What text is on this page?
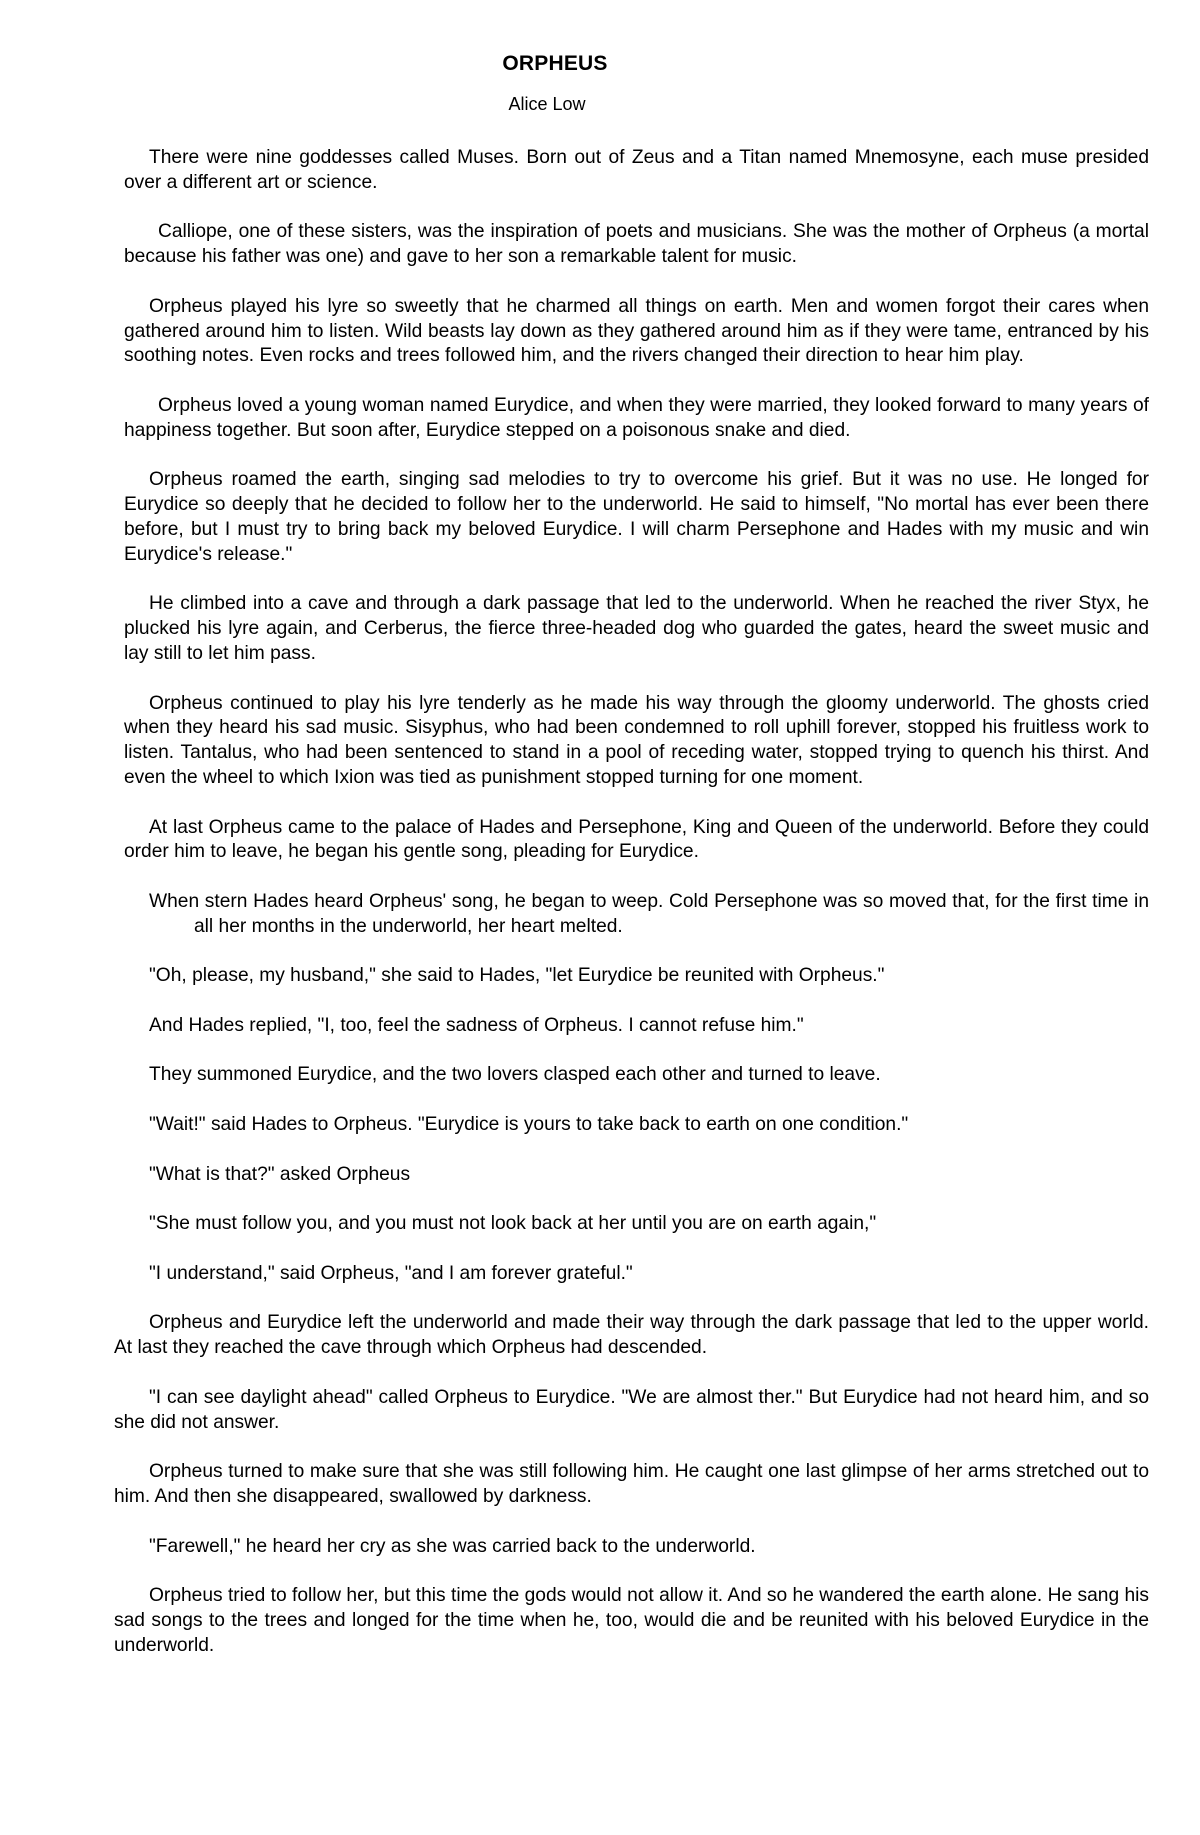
ORPHEUS
Alice Low

There were nine goddesses called Muses. Born out of Zeus and a Titan named Mnemosyne, each muse presided over a different art or science.

Calliope, one of these sisters, was the inspiration of poets and musicians. She was the mother of Orpheus (a mortal because his father was one) and gave to her son a remarkable talent for music.

Orpheus played his lyre so sweetly that he charmed all things on earth. Men and women forgot their cares when gathered around him to listen. Wild beasts lay down as they gathered around him as if they were tame, entranced by his soothing notes. Even rocks and trees followed him, and the rivers changed their direction to hear him play.

Orpheus loved a young woman named Eurydice, and when they were married, they looked forward to many years of happiness together. But soon after, Eurydice stepped on a poisonous snake and died.

Orpheus roamed the earth, singing sad melodies to try to overcome his grief. But it was no use. He longed for Eurydice so deeply that he decided to follow her to the underworld. He said to himself, "No mortal has ever been there before, but I must try to bring back my beloved Eurydice. I will charm Persephone and Hades with my music and win Eurydice's release."

He climbed into a cave and through a dark passage that led to the underworld. When he reached the river Styx, he plucked his lyre again, and Cerberus, the fierce three-headed dog who guarded the gates, heard the sweet music and lay still to let him pass.

Orpheus continued to play his lyre tenderly as he made his way through the gloomy underworld. The ghosts cried when they heard his sad music. Sisyphus, who had been condemned to roll uphill forever, stopped his fruitless work to listen. Tantalus, who had been sentenced to stand in a pool of receding water, stopped trying to quench his thirst. And even the wheel to which Ixion was tied as punishment stopped turning for one moment.

At last Orpheus came to the palace of Hades and Persephone, King and Queen of the underworld. Before they could order him to leave, he began his gentle song, pleading for Eurydice.

When stern Hades heard Orpheus' song, he began to weep. Cold Persephone was so moved that, for the first time in all her months in the underworld, her heart melted.

"Oh, please, my husband," she said to Hades, "let Eurydice be reunited with Orpheus."

And Hades replied, "I, too, feel the sadness of Orpheus. I cannot refuse him."

They summoned Eurydice, and the two lovers clasped each other and turned to leave.

"Wait!" said Hades to Orpheus. "Eurydice is yours to take back to earth on one condition."

"What is that?" asked Orpheus

"She must follow you, and you must not look back at her until you are on earth again,"

"I understand," said Orpheus, "and I am forever grateful."

Orpheus and Eurydice left the underworld and made their way through the dark passage that led to the upper world. At last they reached the cave through which Orpheus had descended.

"I can see daylight ahead" called Orpheus to Eurydice. "We are almost ther." But Eurydice had not heard him, and so she did not answer.

Orpheus turned to make sure that she was still following him. He caught one last glimpse of her arms stretched out to him. And then she disappeared, swallowed by darkness.

"Farewell," he heard her cry as she was carried back to the underworld.

Orpheus tried to follow her, but this time the gods would not allow it. And so he wandered the earth alone. He sang his sad songs to the trees and longed for the time when he, too, would die and be reunited with his beloved Eurydice in the underworld.
